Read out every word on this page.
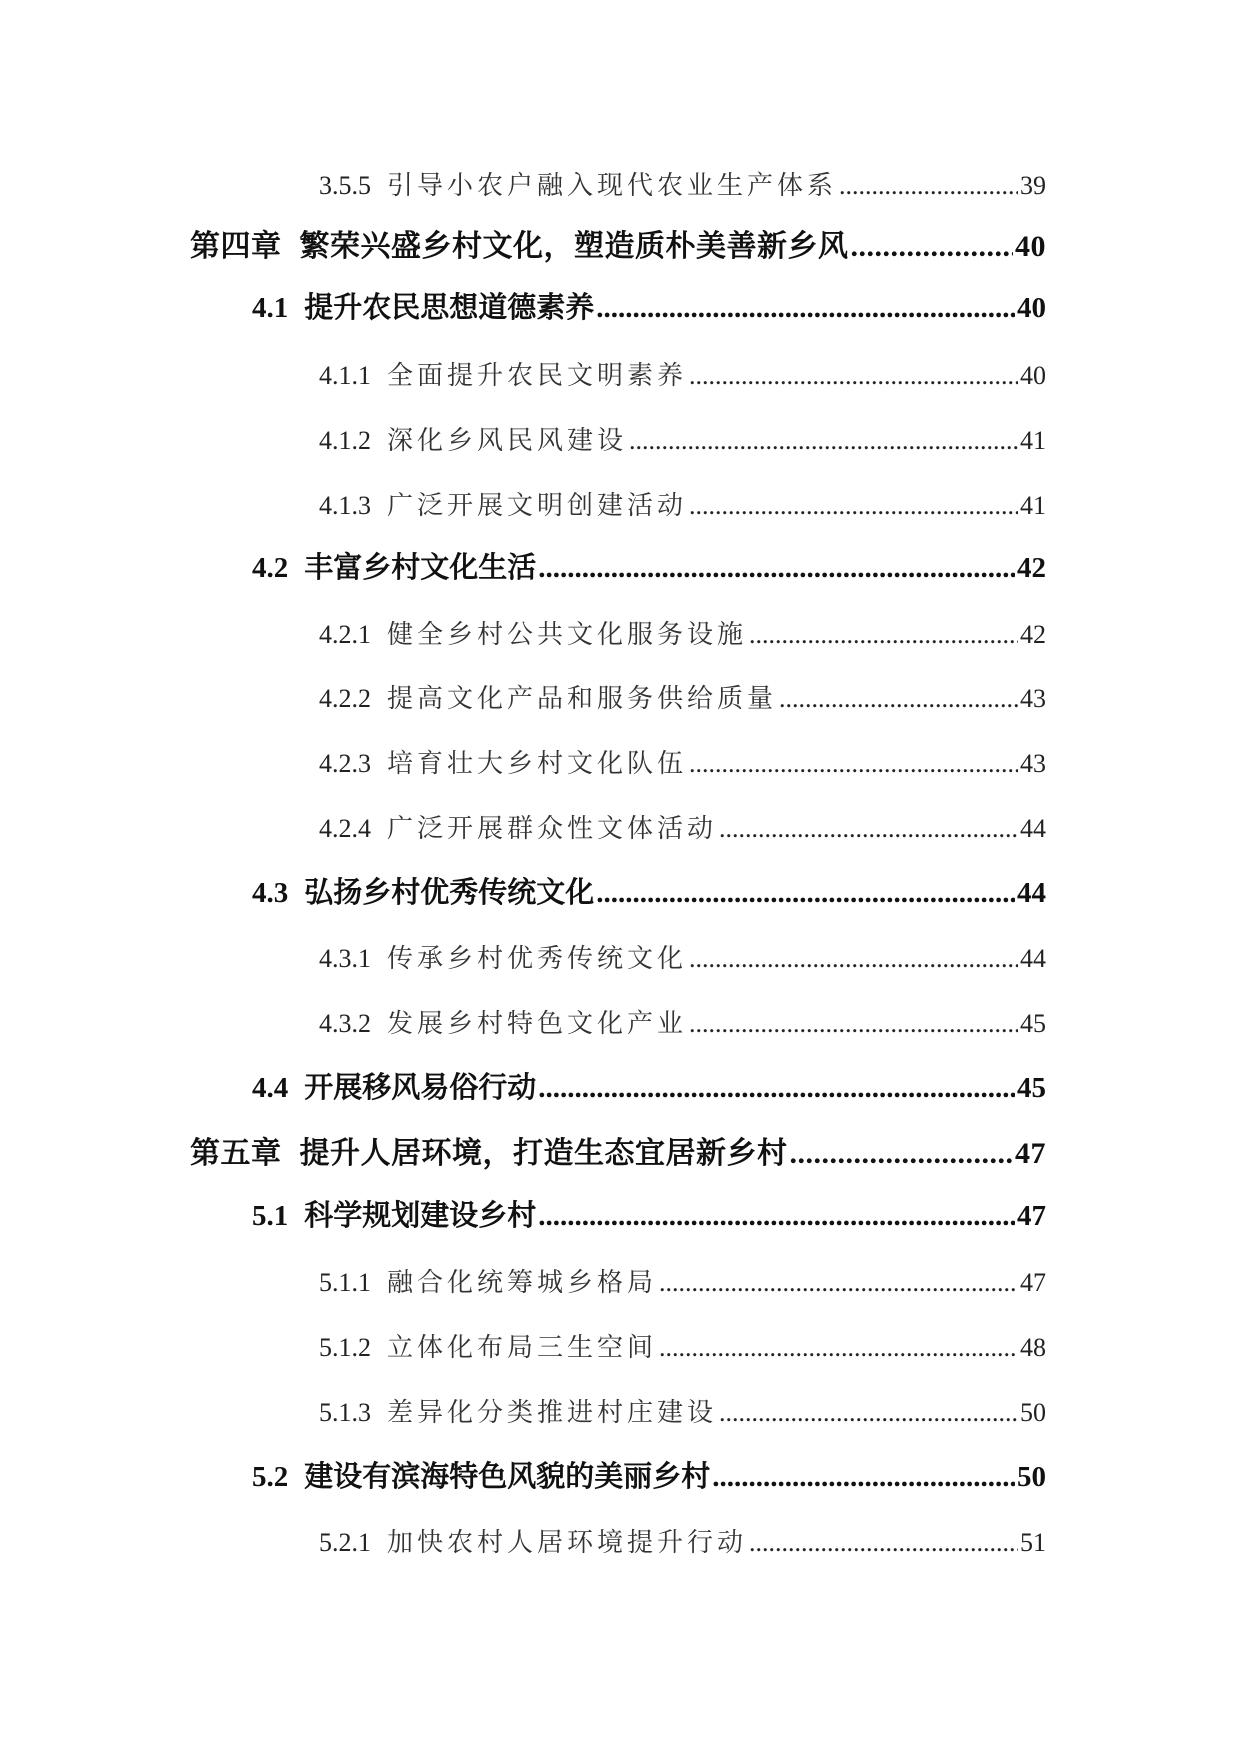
3.5.5 引导小农户融入现代农业生产体系 .....	39
第四章 繁荣兴盛乡村文化，塑造质朴美善新乡风 .....	40
4.1 提升农民思想道德素养 .....	40
4.1.1 全面提升农民文明素养 .....	40
4.1.2 深化乡风民风建设 .....	41
4.1.3 广泛开展文明创建活动 .....	41
4.2 丰富乡村文化生活 .....	42
4.2.1 健全乡村公共文化服务设施 .....	42
4.2.2 提高文化产品和服务供给质量 .....	43
4.2.3 培育壮大乡村文化队伍 .....	43
4.2.4 广泛开展群众性文体活动 .....	44
4.3 弘扬乡村优秀传统文化 .....	44
4.3.1 传承乡村优秀传统文化 .....	44
4.3.2 发展乡村特色文化产业 .....	45
4.4 开展移风易俗行动 .....	45
第五章 提升人居环境，打造生态宜居新乡村 .....	47
5.1 科学规划建设乡村 .....	47
5.1.1 融合化统筹城乡格局 .....	47
5.1.2 立体化布局三生空间 .....	48
5.1.3 差异化分类推进村庄建设 .....	50
5.2 建设有滨海特色风貌的美丽乡村 .....	50
5.2.1 加快农村人居环境提升行动 .....	51
